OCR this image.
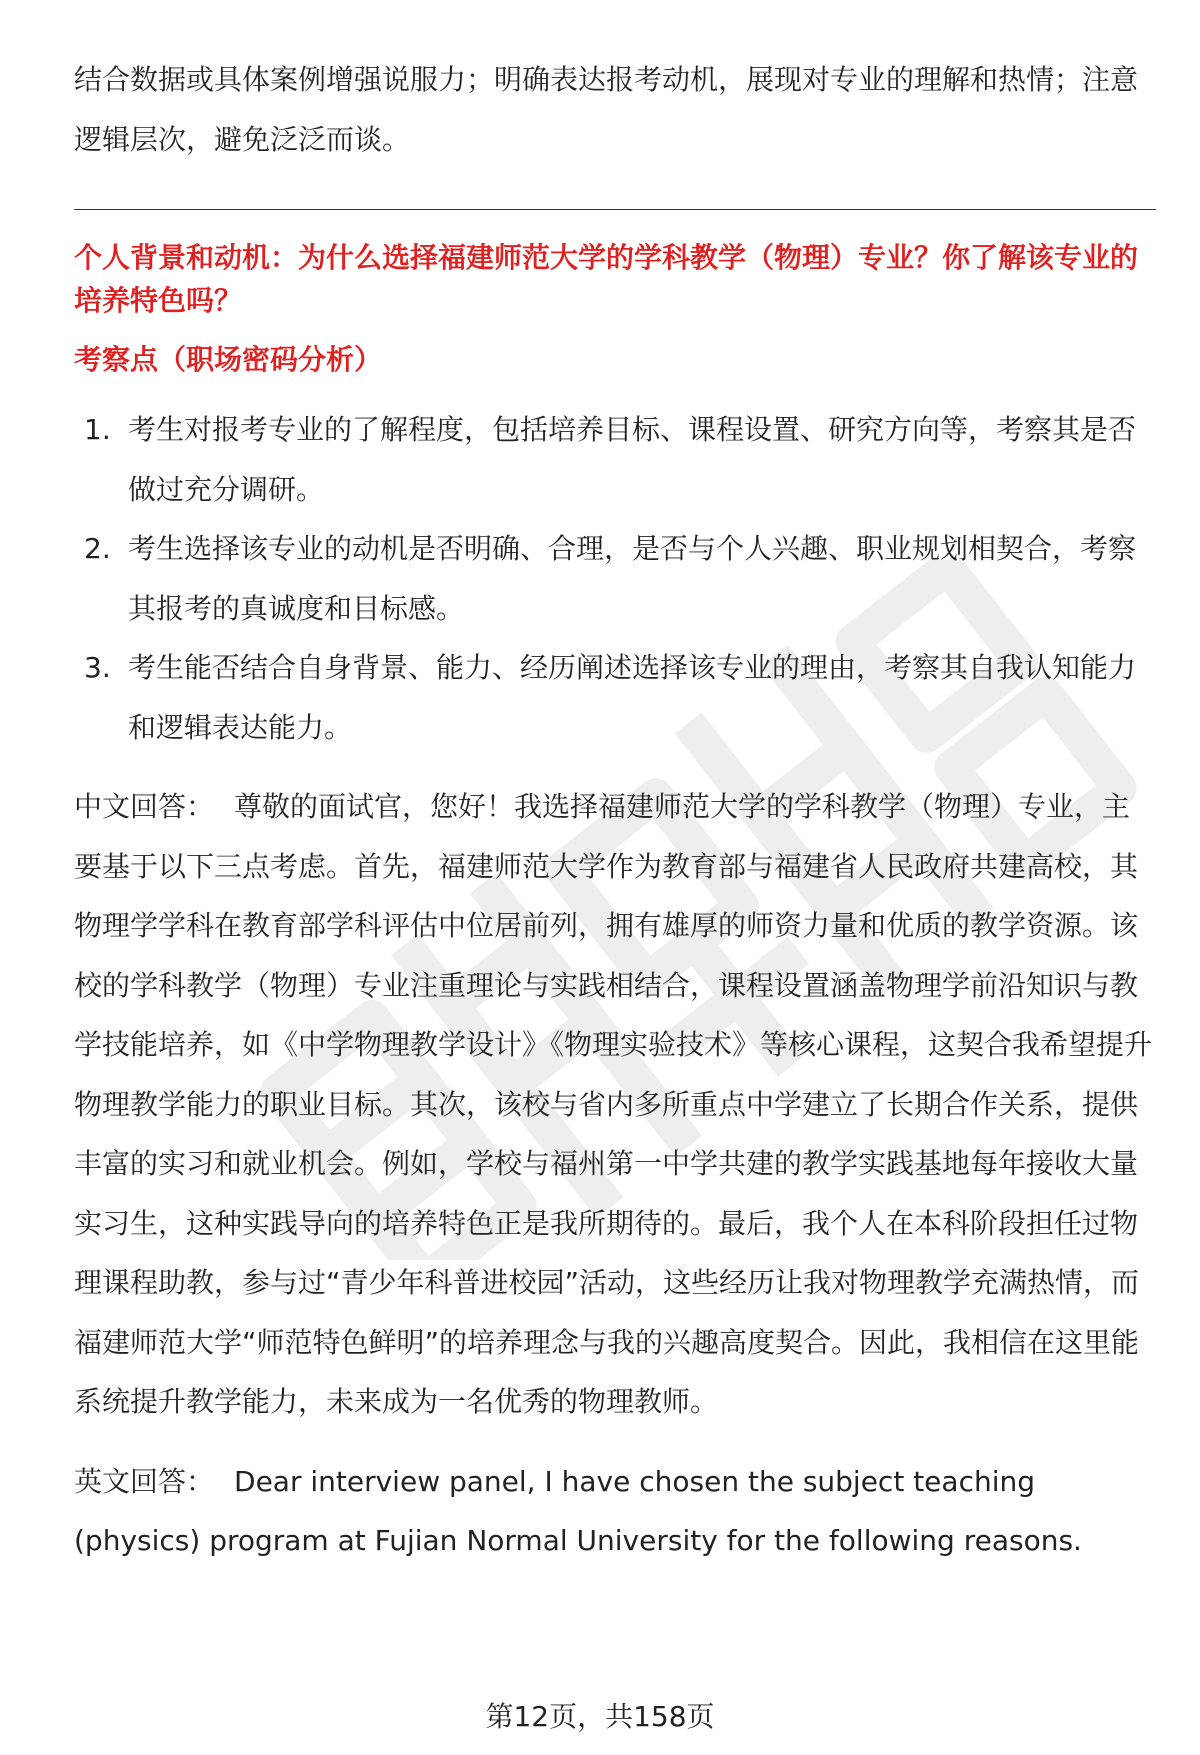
结合数据或具体案例增强说服力；明确表达报考动机，展现对专业的理解和热情；注意逻辑层次，避免泛泛而谈。

个人背景和动机：为什么选择福建师范大学的学科教学（物理）专业？你了解该专业的培养特色吗？

考察点（职场密码分析）

1. 考生对报考专业的了解程度，包括培养目标、课程设置、研究方向等，考察其是否做过充分调研。
2. 考生选择该专业的动机是否明确、合理，是否与个人兴趣、职业规划相契合，考察其报考的真诚度和目标感。
3. 考生能否结合自身背景、能力、经历阐述选择该专业的理由，考察其自我认知能力和逻辑表达能力。

中文回答： 尊敬的面试官，您好！我选择福建师范大学的学科教学（物理）专业，主要基于以下三点考虑。首先，福建师范大学作为教育部与福建省人民政府共建高校，其物理学学科在教育部学科评估中位居前列，拥有雄厚的师资力量和优质的教学资源。该校的学科教学（物理）专业注重理论与实践相结合，课程设置涵盖物理学前沿知识与教学技能培养，如《中学物理教学设计》《物理实验技术》等核心课程，这契合我希望提升物理教学能力的职业目标。其次，该校与省内多所重点中学建立了长期合作关系，提供丰富的实习和就业机会。例如，学校与福州第一中学共建的教学实践基地每年接收大量实习生，这种实践导向的培养特色正是我所期待的。最后，我个人在本科阶段担任过物理课程助教，参与过“青少年科普进校园”活动，这些经历让我对物理教学充满热情，而福建师范大学“师范特色鲜明”的培养理念与我的兴趣高度契合。因此，我相信在这里能系统提升教学能力，未来成为一名优秀的物理教师。

英文回答： Dear interview panel, I have chosen the subject teaching (physics) program at Fujian Normal University for the following reasons.

第12页，共158页
